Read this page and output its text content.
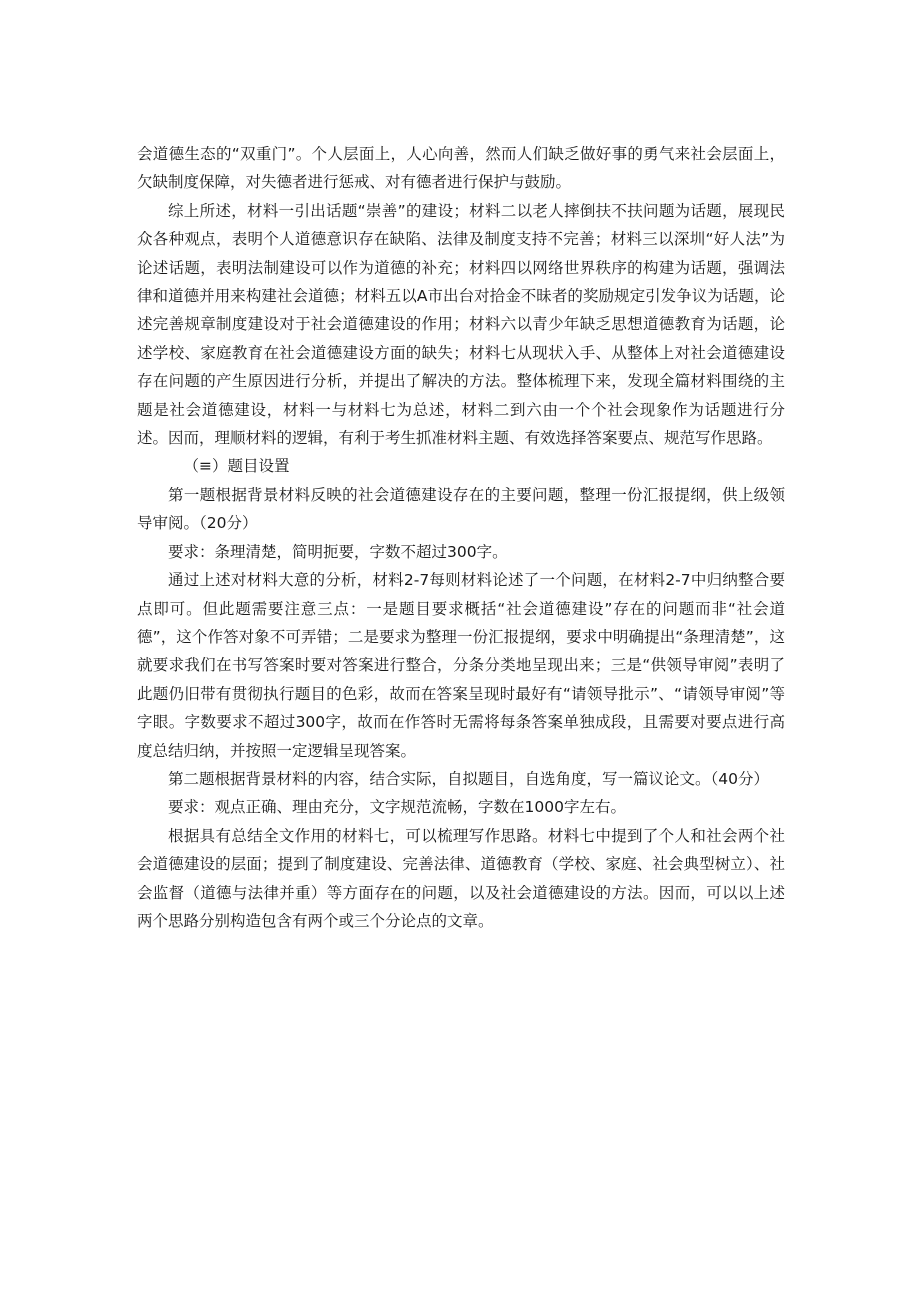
会道德生态的“双重门”。个人层面上，人心向善，然而人们缺乏做好事的勇气来社会层面上，欠缺制度保障，对失德者进行惩戒、对有德者进行保护与鼓励。

综上所述，材料一引出话题“崇善”的建设；材料二以老人摔倒扶不扶问题为话题，展现民众各种观点，表明个人道德意识存在缺陷、法律及制度支持不完善；材料三以深圳“好人法”为论述话题，表明法制建设可以作为道德的补充；材料四以网络世界秩序的构建为话题，强调法律和道德并用来构建社会道德；材料五以A市出台对拾金不昧者的奖励规定引发争议为话题，论述完善规章制度建设对于社会道德建设的作用；材料六以青少年缺乏思想道德教育为话题，论述学校、家庭教育在社会道德建设方面的缺失；材料七从现状入手、从整体上对社会道德建设存在问题的产生原因进行分析，并提出了解决的方法。整体梳理下来，发现全篇材料围绕的主题是社会道德建设，材料一与材料七为总述，材料二到六由一个个社会现象作为话题进行分述。因而，理顺材料的逻辑，有利于考生抓准材料主题、有效选择答案要点、规范写作思路。

（≡）题目设置

第一题根据背景材料反映的社会道德建设存在的主要问题，整理一份汇报提纲，供上级领导审阅。（20分）

要求：条理清楚，简明扼要，字数不超过300字。

通过上述对材料大意的分析，材料2-7每则材料论述了一个问题，在材料2-7中归纳整合要点即可。但此题需要注意三点：一是题目要求概括“社会道德建设”存在的问题而非“社会道德”，这个作答对象不可弄错；二是要求为整理一份汇报提纲，要求中明确提出“条理清楚”，这就要求我们在书写答案时要对答案进行整合，分条分类地呈现出来；三是“供领导审阅”表明了此题仍旧带有贯彻执行题目的色彩，故而在答案呈现时最好有“请领导批示”、“请领导审阅”等字眼。字数要求不超过300字，故而在作答时无需将每条答案单独成段，且需要对要点进行高度总结归纳，并按照一定逻辑呈现答案。

第二题根据背景材料的内容，结合实际，自拟题目，自选角度，写一篇议论文。（40分）

要求：观点正确、理由充分，文字规范流畅，字数在1000字左右。

根据具有总结全文作用的材料七，可以梳理写作思路。材料七中提到了个人和社会两个社会道德建设的层面；提到了制度建设、完善法律、道德教育（学校、家庭、社会典型树立）、社会监督（道德与法律并重）等方面存在的问题，以及社会道德建设的方法。因而，可以以上述两个思路分别构造包含有两个或三个分论点的文章。
